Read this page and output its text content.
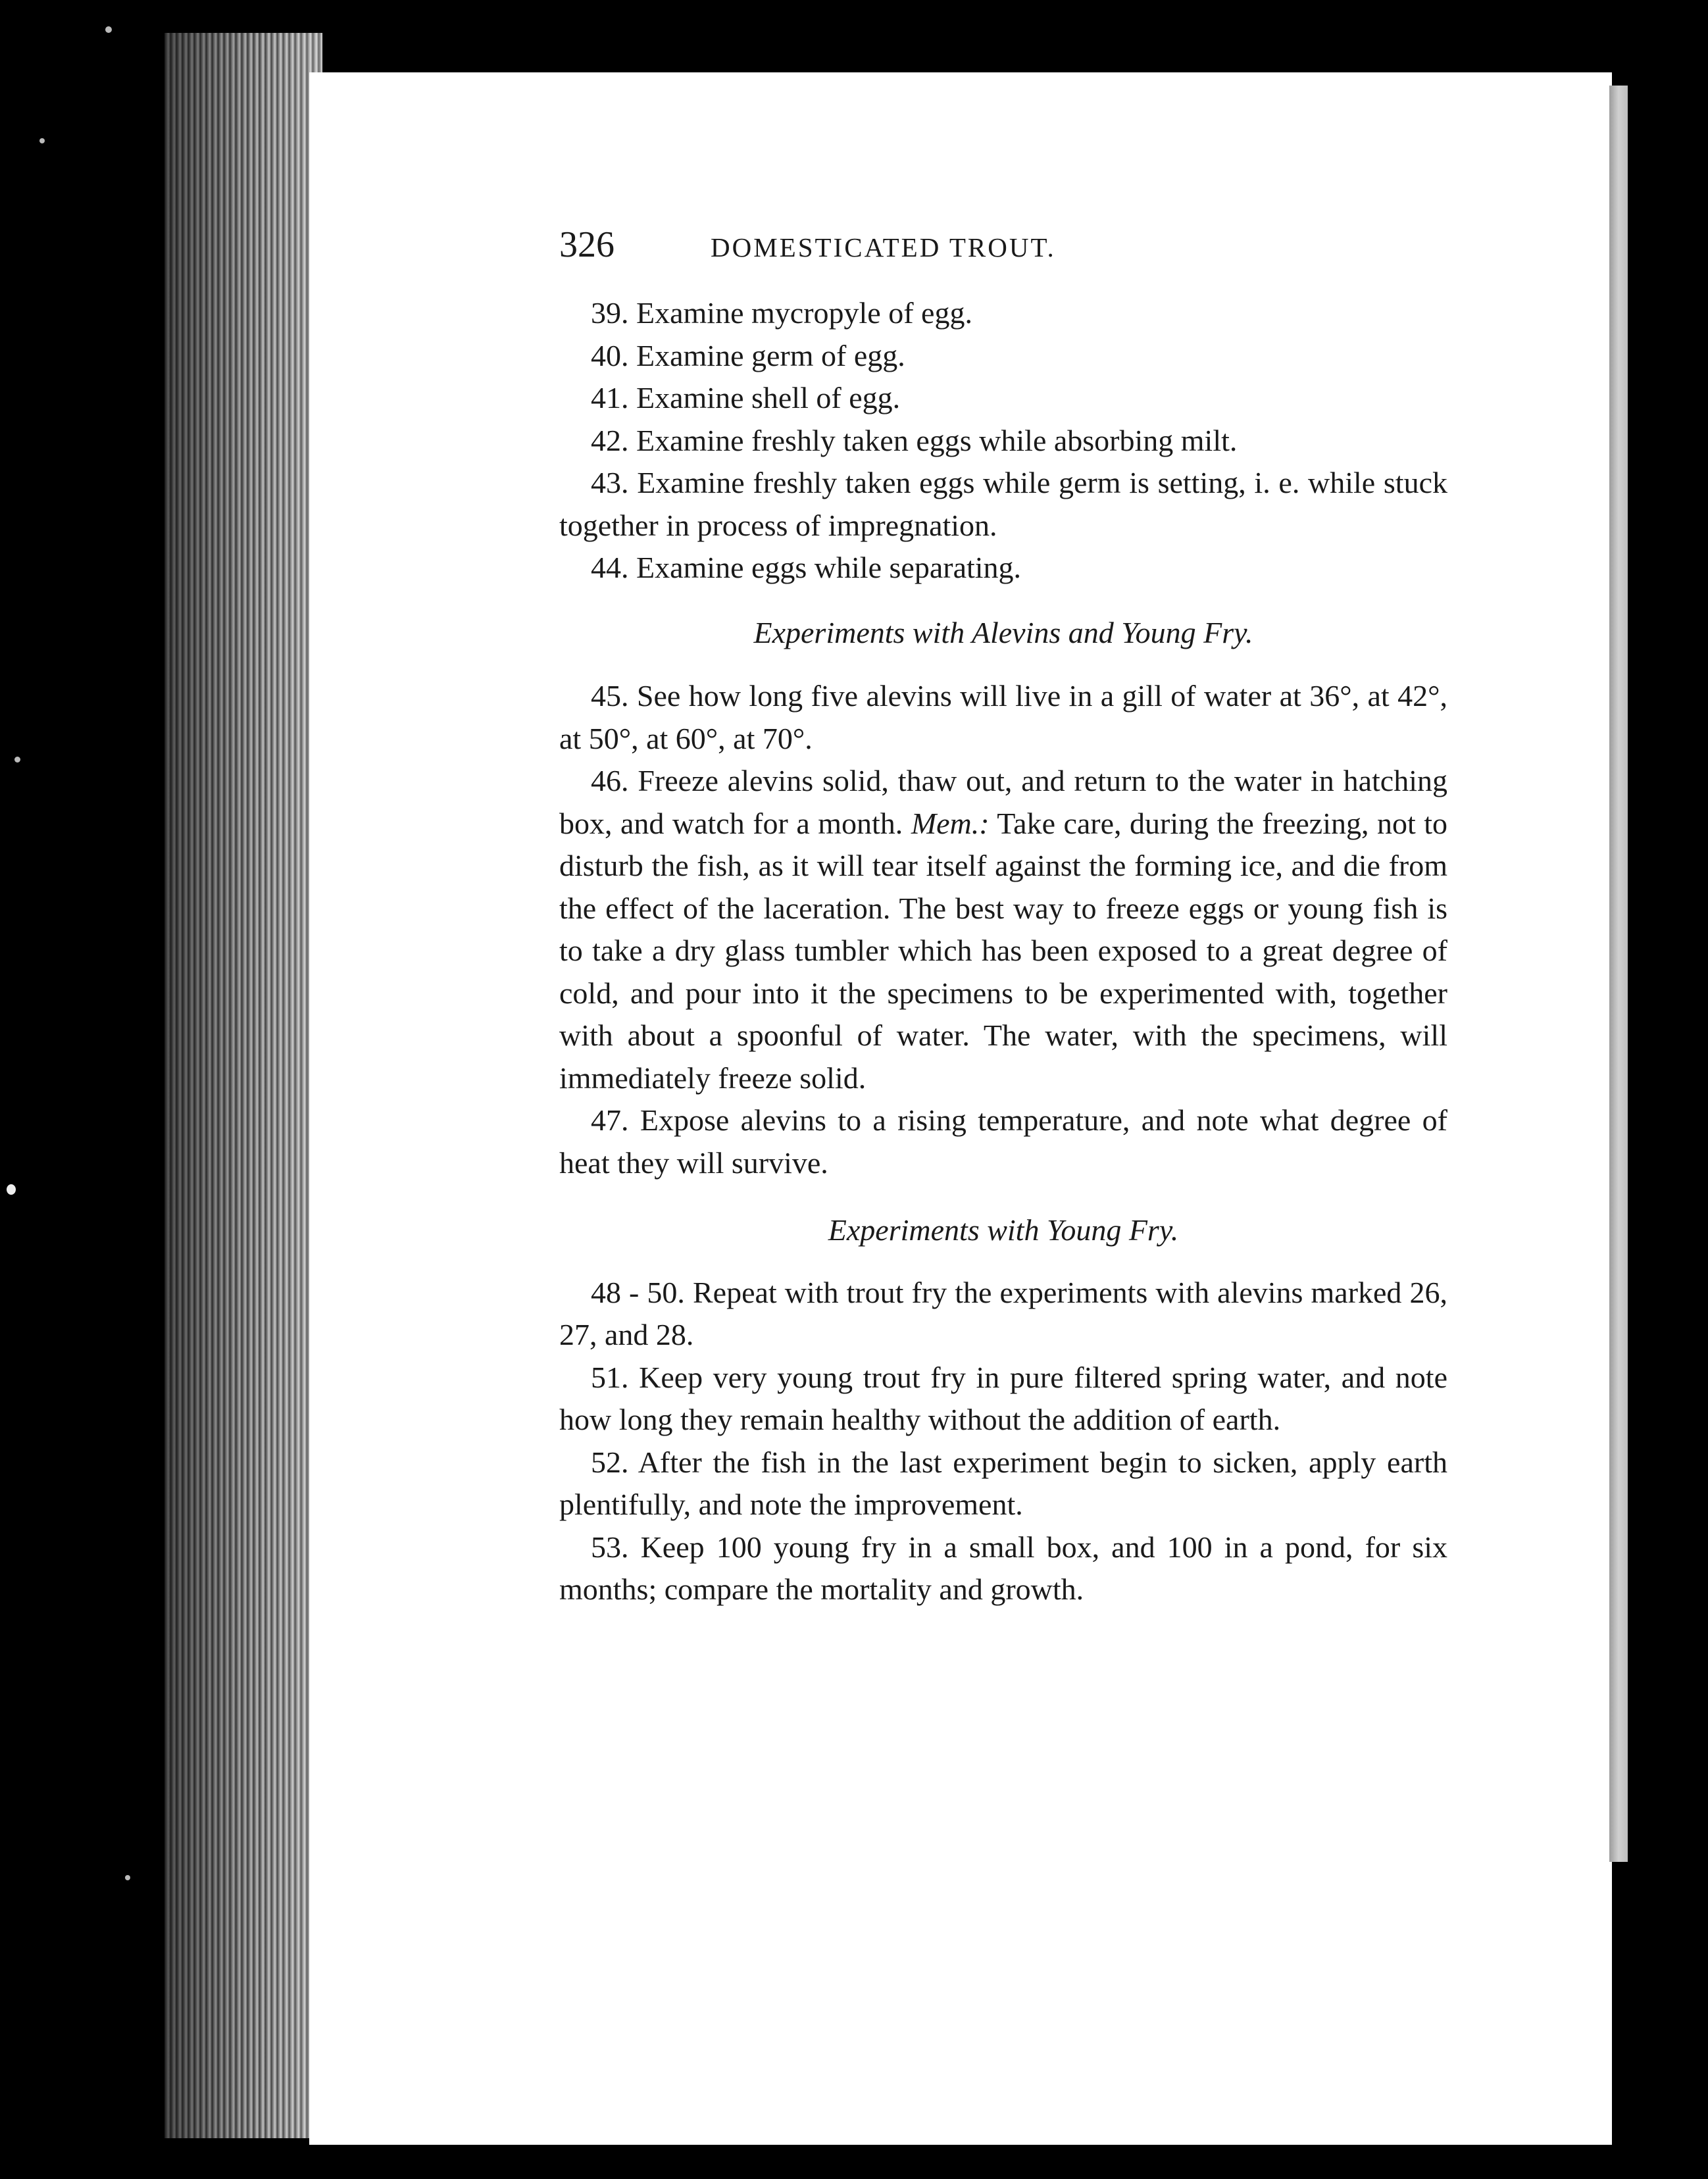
326	DOMESTICATED TROUT.

39. Examine mycropyle of egg.

40. Examine germ of egg.

41. Examine shell of egg.

42. Examine freshly taken eggs while absorbing milt.

43. Examine freshly taken eggs while germ is setting, i. e. while stuck together in process of impregnation.

44. Examine eggs while separating.

Experiments with Alevins and Young Fry.

45. See how long five alevins will live in a gill of water at 36°, at 42°, at 50°, at 60°, at 70°.

46. Freeze alevins solid, thaw out, and return to the water in hatching box, and watch for a month. Mem.: Take care, during the freezing, not to disturb the fish, as it will tear itself against the forming ice, and die from the effect of the laceration. The best way to freeze eggs or young fish is to take a dry glass tumbler which has been exposed to a great degree of cold, and pour into it the specimens to be experimented with, together with about a spoonful of water. The water, with the specimens, will immediately freeze solid.

47. Expose alevins to a rising temperature, and note what degree of heat they will survive.

Experiments with Young Fry.

48 - 50. Repeat with trout fry the experiments with alevins marked 26, 27, and 28.

51. Keep very young trout fry in pure filtered spring water, and note how long they remain healthy without the addition of earth.

52. After the fish in the last experiment begin to sicken, apply earth plentifully, and note the improvement.

53. Keep 100 young fry in a small box, and 100 in a pond, for six months; compare the mortality and growth.
